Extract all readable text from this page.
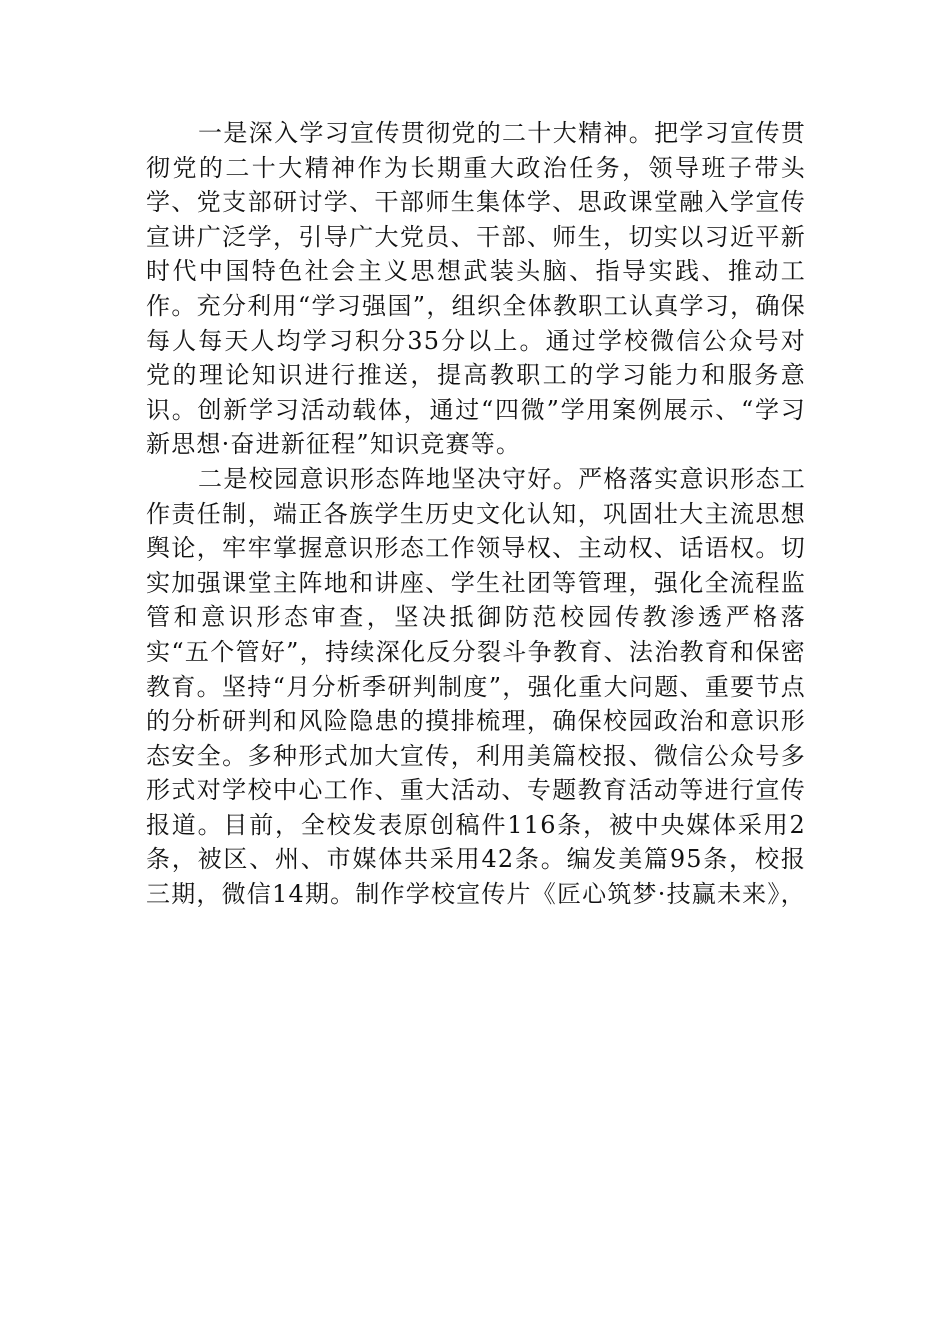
一是深入学习宣传贯彻党的二十大精神。把学习宣传贯彻党的二十大精神作为长期重大政治任务，领导班子带头学、党支部研讨学、干部师生集体学、思政课堂融入学宣传宣讲广泛学，引导广大党员、干部、师生，切实以习近平新时代中国特色社会主义思想武装头脑、指导实践、推动工作。充分利用“学习强国”，组织全体教职工认真学习，确保每人每天人均学习积分35分以上。通过学校微信公众号对党的理论知识进行推送，提高教职工的学习能力和服务意识。创新学习活动载体，通过“四微”学用案例展示、“学习新思想·奋进新征程”知识竞赛等。

二是校园意识形态阵地坚决守好。严格落实意识形态工作责任制，端正各族学生历史文化认知，巩固壮大主流思想舆论，牢牢掌握意识形态工作领导权、主动权、话语权。切实加强课堂主阵地和讲座、学生社团等管理，强化全流程监管和意识形态审查，坚决抵御防范校园传教渗透严格落实“五个管好”，持续深化反分裂斗争教育、法治教育和保密教育。坚持“月分析季研判制度”，强化重大问题、重要节点的分析研判和风险隐患的摸排梳理，确保校园政治和意识形态安全。多种形式加大宣传，利用美篇校报、微信公众号多形式对学校中心工作、重大活动、专题教育活动等进行宣传报道。目前，全校发表原创稿件116条，被中央媒体采用2条，被区、州、市媒体共采用42条。编发美篇95条，校报三期，微信14期。制作学校宣传片《匠心筑梦·技赢未来》，
